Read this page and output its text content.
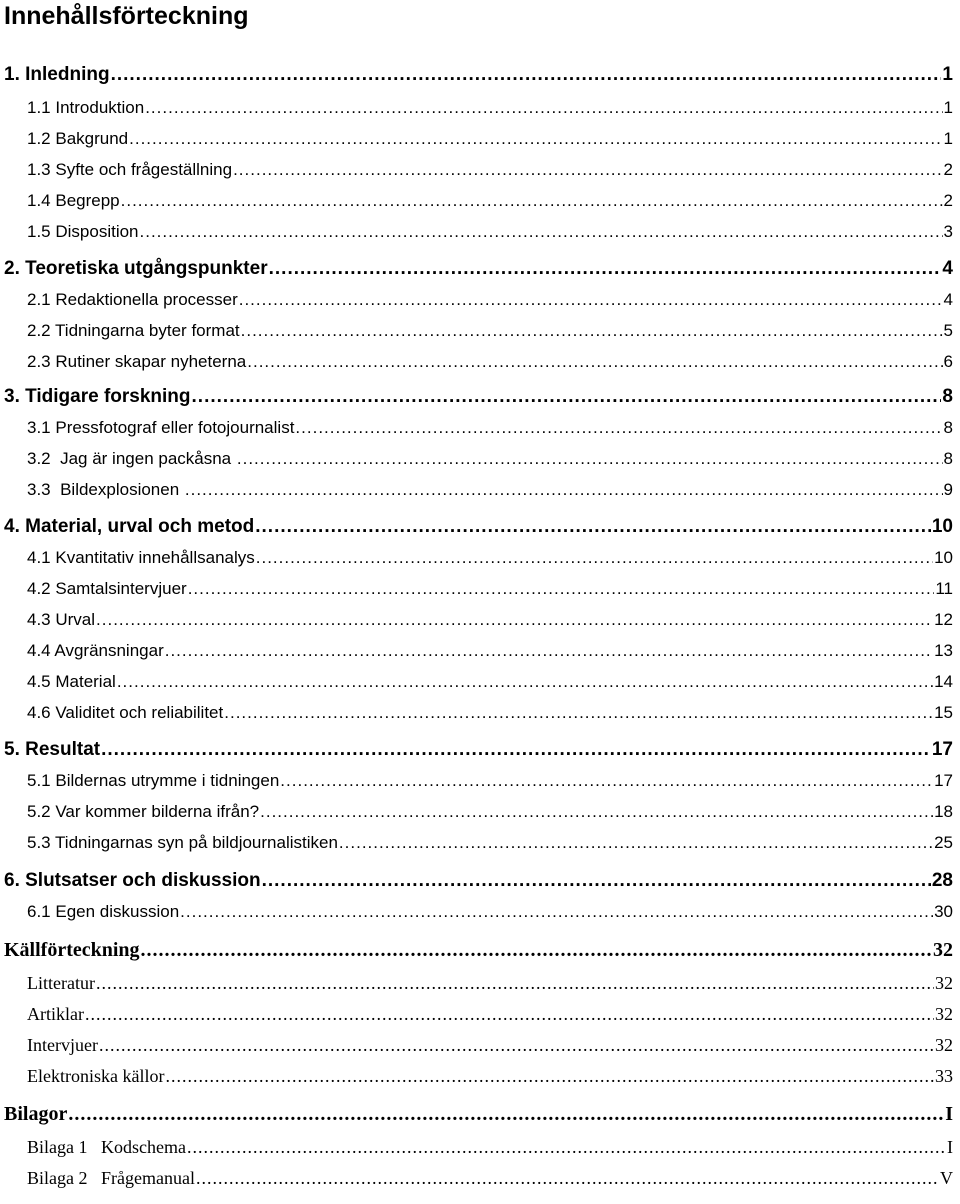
Innehållsförteckning
1. Inledning .....	1
1.1 Introduktion .....	1
1.2 Bakgrund .....	1
1.3 Syfte och frågeställning .....	2
1.4 Begrepp .....	2
1.5 Disposition .....	3
2. Teoretiska utgångspunkter .....	4
2.1 Redaktionella processer .....	4
2.2 Tidningarna byter format .....	5
2.3 Rutiner skapar nyheterna .....	6
3. Tidigare forskning .....	8
3.1 Pressfotograf eller fotojournalist .....	8
3.2  Jag är ingen packåsna .....	8
3.3  Bildexplosionen .....	9
4. Material, urval och metod .....	10
4.1 Kvantitativ innehållsanalys .....	10
4.2 Samtalsintervjuer .....	11
4.3 Urval .....	12
4.4 Avgränsningar .....	13
4.5 Material .....	14
4.6 Validitet och reliabilitet .....	15
5. Resultat .....	17
5.1 Bildernas utrymme i tidningen .....	17
5.2 Var kommer bilderna ifrån? .....	18
5.3 Tidningarnas syn på bildjournalistiken .....	25
6. Slutsatser och diskussion .....	28
6.1 Egen diskussion .....	30
Källförteckning .....	32
Litteratur .....	32
Artiklar .....	32
Intervjuer .....	32
Elektroniska källor .....	33
Bilagor .....	I
Bilaga 1   Kodschema .....	I
Bilaga 2   Frågemanual .....	V
